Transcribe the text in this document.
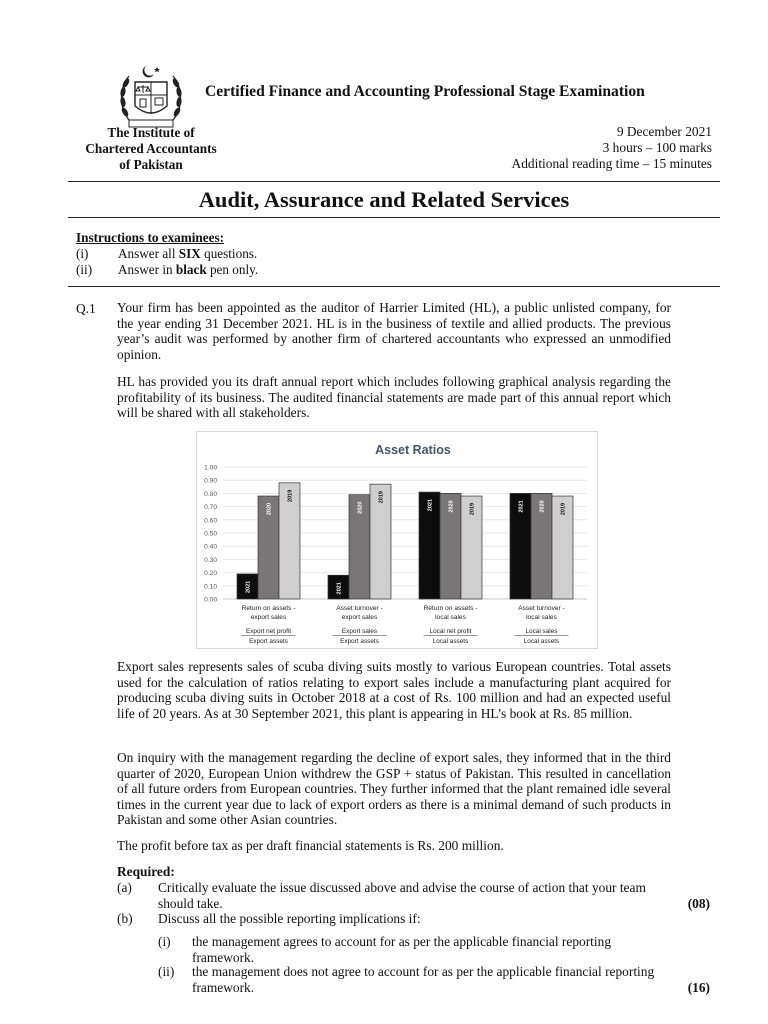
Certified Finance and Accounting Professional Stage Examination
The Institute of
Chartered Accountants
of Pakistan
9 December 2021
3 hours – 100 marks
Additional reading time – 15 minutes
Audit, Assurance and Related Services
Instructions to examinees:
(i)	Answer all SIX questions.
(ii)	Answer in black pen only.
Q.1 Your firm has been appointed as the auditor of Harrier Limited (HL), a public unlisted company, for the year ending 31 December 2021. HL is in the business of textile and allied products. The previous year’s audit was performed by another firm of chartered accountants who expressed an unmodified opinion.
HL has provided you its draft annual report which includes following graphical analysis regarding the profitability of its business. The audited financial statements are made part of this annual report which will be shared with all stakeholders.
Asset Ratios
0.00
0.10
0.20
0.30
0.40
0.50
0.60
0.70
0.80
0.90
1.00
2021
2020
2019
Return on assets -
export sales
Export net profit
Export assets
2021
2020
2019
Asset turnover -
export sales
Export sales
Export assets
2021	2020	2019
Return on assets -
local sales
Local net profit
Local assets
2021	2020	2019
Asset turnover -
local sales
Local sales
Local assets
Export sales represents sales of scuba diving suits mostly to various European countries. Total assets used for the calculation of ratios relating to export sales include a manufacturing plant acquired for producing scuba diving suits in October 2018 at a cost of Rs. 100 million and had an expected useful life of 20 years. As at 30 September 2021, this plant is appearing in HL’s book at Rs. 85 million.
On inquiry with the management regarding the decline of export sales, they informed that in the third quarter of 2020, European Union withdrew the GSP + status of Pakistan. This resulted in cancellation of all future orders from European countries. They further informed that the plant remained idle several times in the current year due to lack of export orders as there is a minimal demand of such products in Pakistan and some other Asian countries.
The profit before tax as per draft financial statements is Rs. 200 million.
Required:
(a) Critically evaluate the issue discussed above and advise the course of action that your team should take.	(08)
(b) Discuss all the possible reporting implications if:
(i) the management agrees to account for as per the applicable financial reporting framework.
(ii) the management does not agree to account for as per the applicable financial reporting framework.	(16)
